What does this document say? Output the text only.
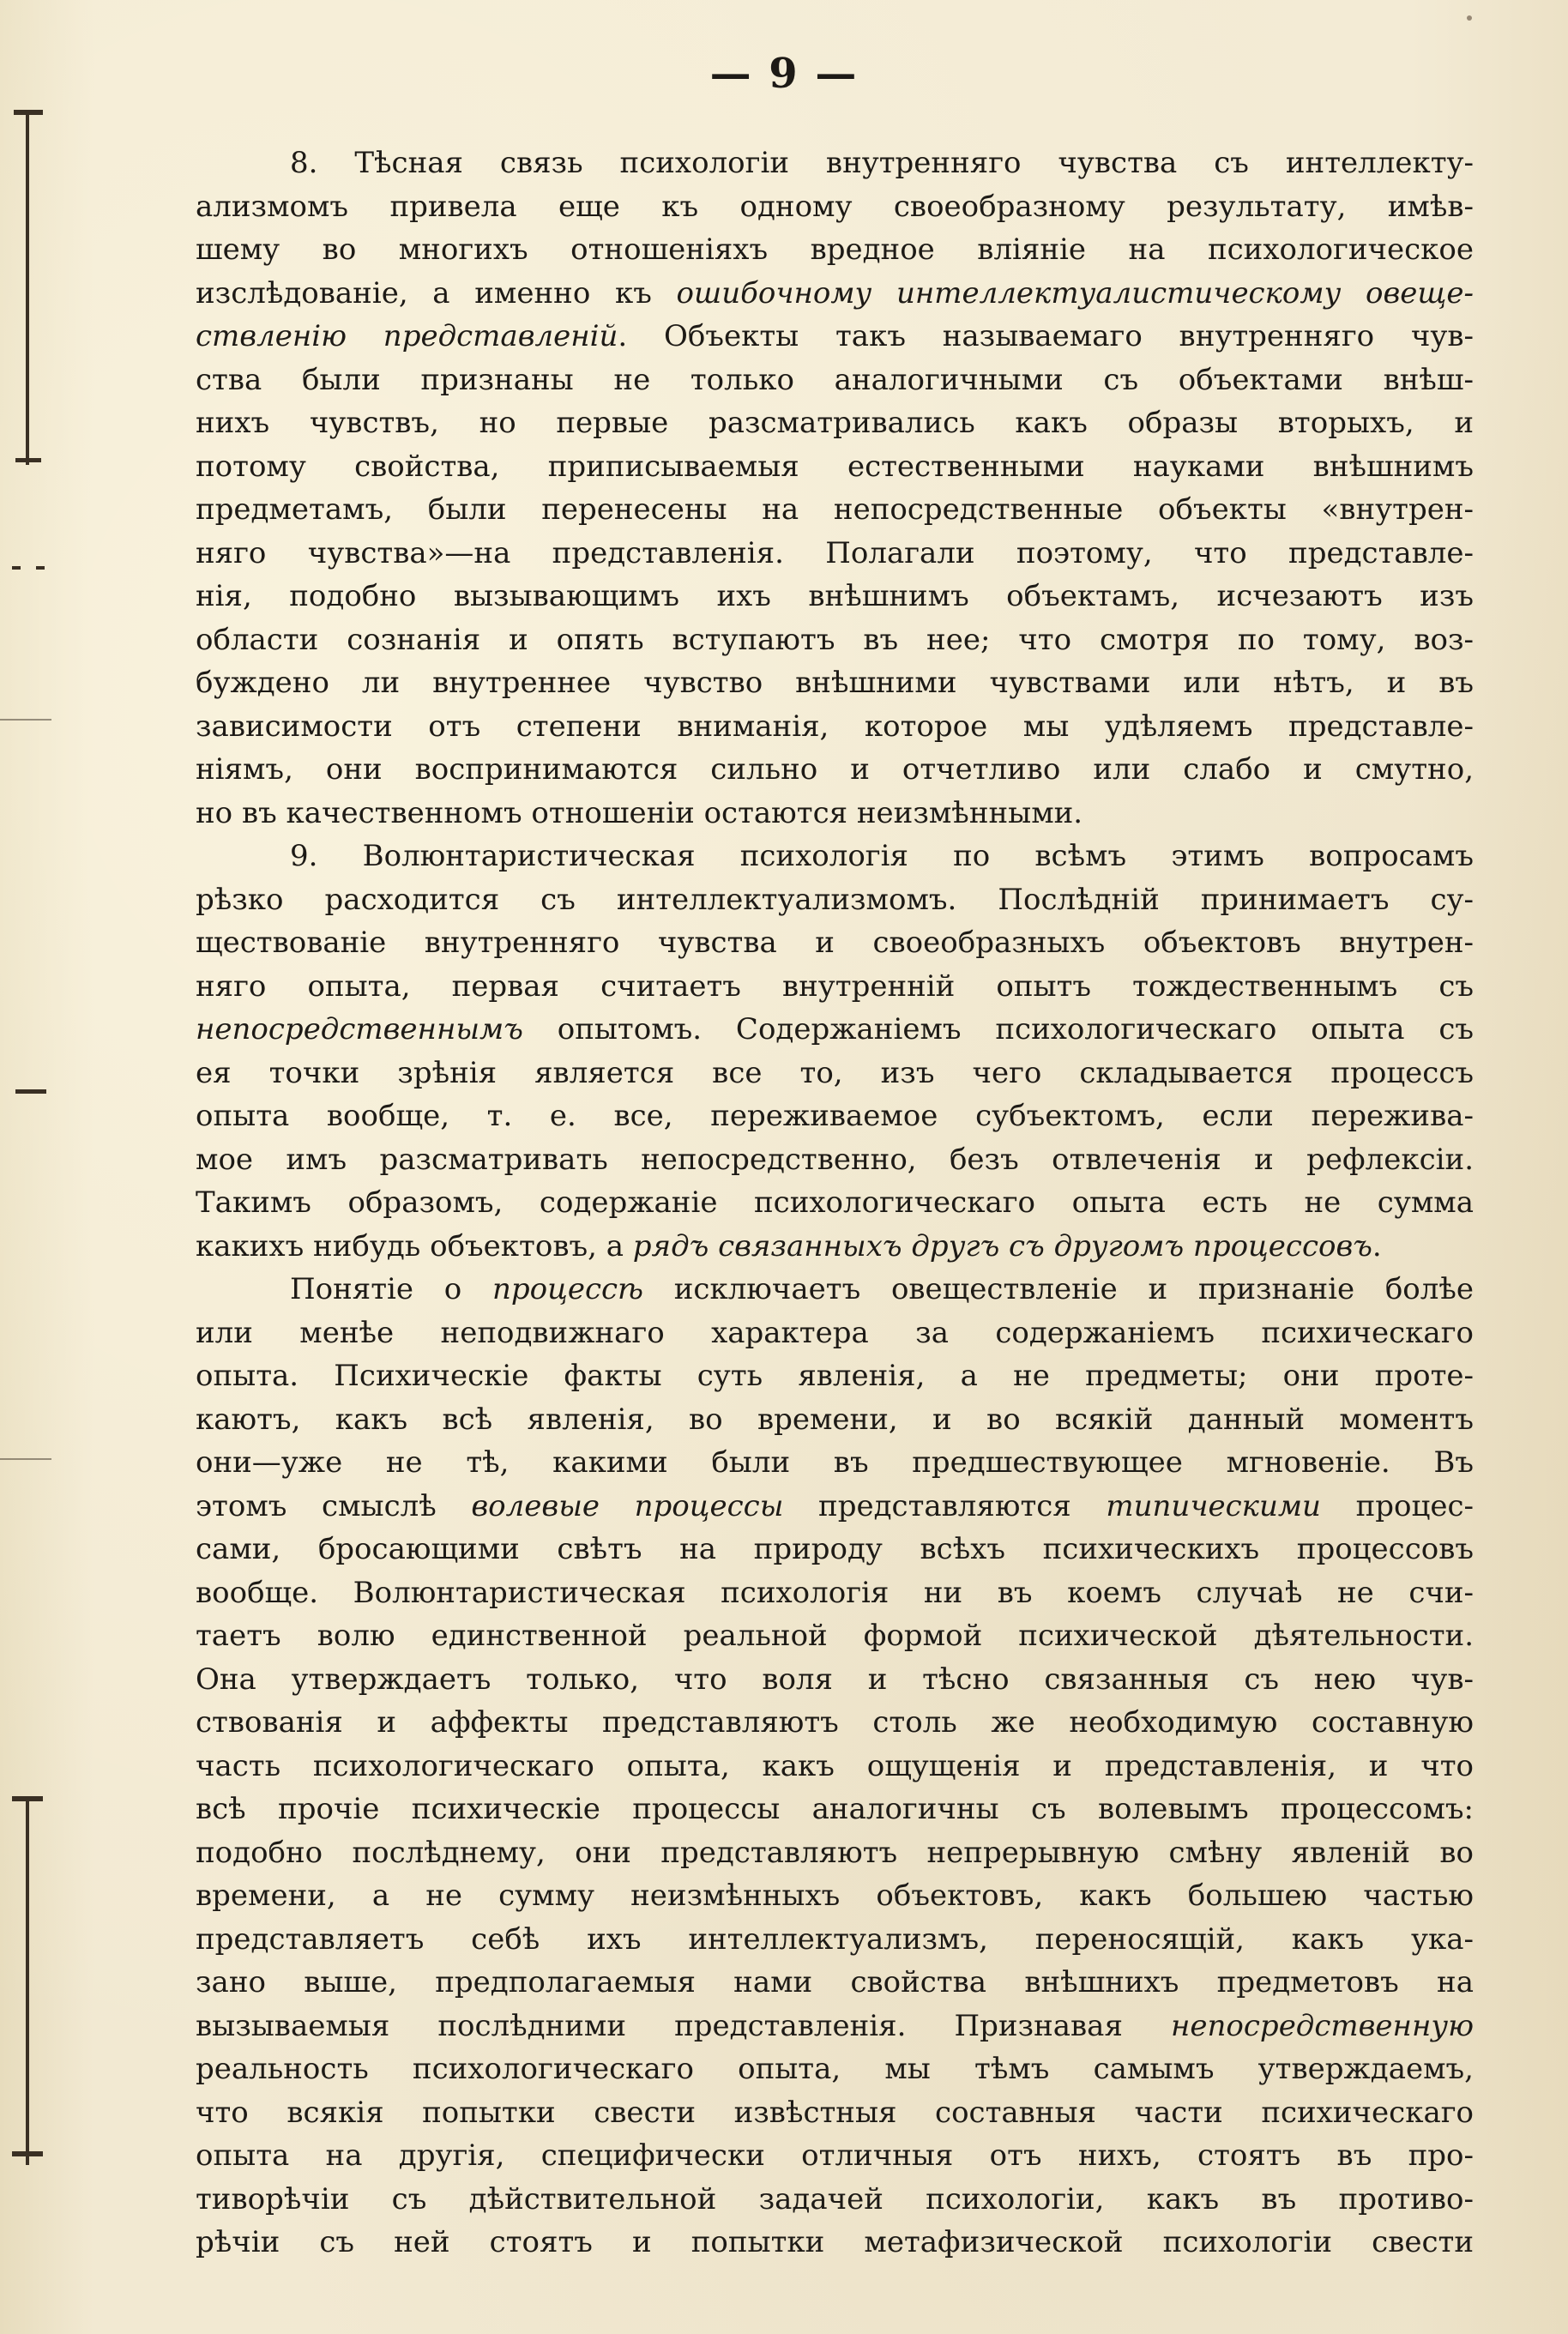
— 9 —
8. Тѣсная связь психологіи внутренняго чувства съ интеллекту-
ализмомъ привела еще къ одному своеобразному результату, имѣв-
шему во многихъ отношеніяхъ вредное вліяніе на психологическое
изслѣдованіе, а именно къ ошибочному интеллектуалистическому овеще-
ствленію представленій. Объекты такъ называемаго внутренняго чув-
ства были признаны не только аналогичными съ объектами внѣш-
нихъ чувствъ, но первые разсматривались какъ образы вторыхъ, и
потому свойства, приписываемыя естественными науками внѣшнимъ
предметамъ, были перенесены на непосредственные объекты «внутрен-
няго чувства»—на представленія. Полагали поэтому, что представле-
нія, подобно вызывающимъ ихъ внѣшнимъ объектамъ, исчезаютъ изъ
области сознанія и опять вступаютъ въ нее; что смотря по тому, воз-
буждено ли внутреннее чувство внѣшними чувствами или нѣтъ, и въ
зависимости отъ степени вниманія, которое мы удѣляемъ представле-
ніямъ, они воспринимаются сильно и отчетливо или слабо и смутно,
но въ качественномъ отношеніи остаются неизмѣнными.
9. Волюнтаристическая психологія по всѣмъ этимъ вопросамъ
рѣзко расходится съ интеллектуализмомъ. Послѣдній принимаетъ су-
ществованіе внутренняго чувства и своеобразныхъ объектовъ внутрен-
няго опыта, первая считаетъ внутренній опытъ тождественнымъ съ
непосредственнымъ опытомъ. Содержаніемъ психологическаго опыта съ
ея точки зрѣнія является все то, изъ чего складывается процессъ
опыта вообще, т. е. все, переживаемое субъектомъ, если пережива-
мое имъ разсматривать непосредственно, безъ отвлеченія и рефлексіи.
Такимъ образомъ, содержаніе психологическаго опыта есть не сумма
какихъ нибудь объектовъ, а рядъ связанныхъ другъ съ другомъ процессовъ.
Понятіе о процессѣ исключаетъ овеществленіе и признаніе болѣе
или менѣе неподвижнаго характера за содержаніемъ психическаго
опыта. Психическіе факты суть явленія, а не предметы; они проте-
каютъ, какъ всѣ явленія, во времени, и во всякій данный моментъ
они—уже не тѣ, какими были въ предшествующее мгновеніе. Въ
этомъ смыслѣ волевые процессы представляются типическими процес-
сами, бросающими свѣтъ на природу всѣхъ психическихъ процессовъ
вообще. Волюнтаристическая психологія ни въ коемъ случаѣ не счи-
таетъ волю единственной реальной формой психической дѣятельности.
Она утверждаетъ только, что воля и тѣсно связанныя съ нею чув-
ствованія и аффекты представляютъ столь же необходимую составную
часть психологическаго опыта, какъ ощущенія и представленія, и что
всѣ прочіе психическіе процессы аналогичны съ волевымъ процессомъ:
подобно послѣднему, они представляютъ непрерывную смѣну явленій во
времени, а не сумму неизмѣнныхъ объектовъ, какъ большею частью
представляетъ себѣ ихъ интеллектуализмъ, переносящій, какъ ука-
зано выше, предполагаемыя нами свойства внѣшнихъ предметовъ на
вызываемыя послѣдними представленія. Признавая непосредственную
реальность психологическаго опыта, мы тѣмъ самымъ утверждаемъ,
что всякія попытки свести извѣстныя составныя части психическаго
опыта на другія, специфически отличныя отъ нихъ, стоятъ въ про-
тиворѣчіи съ дѣйствительной задачей психологіи, какъ въ противо-
рѣчіи съ ней стоятъ и попытки метафизической психологіи свести
